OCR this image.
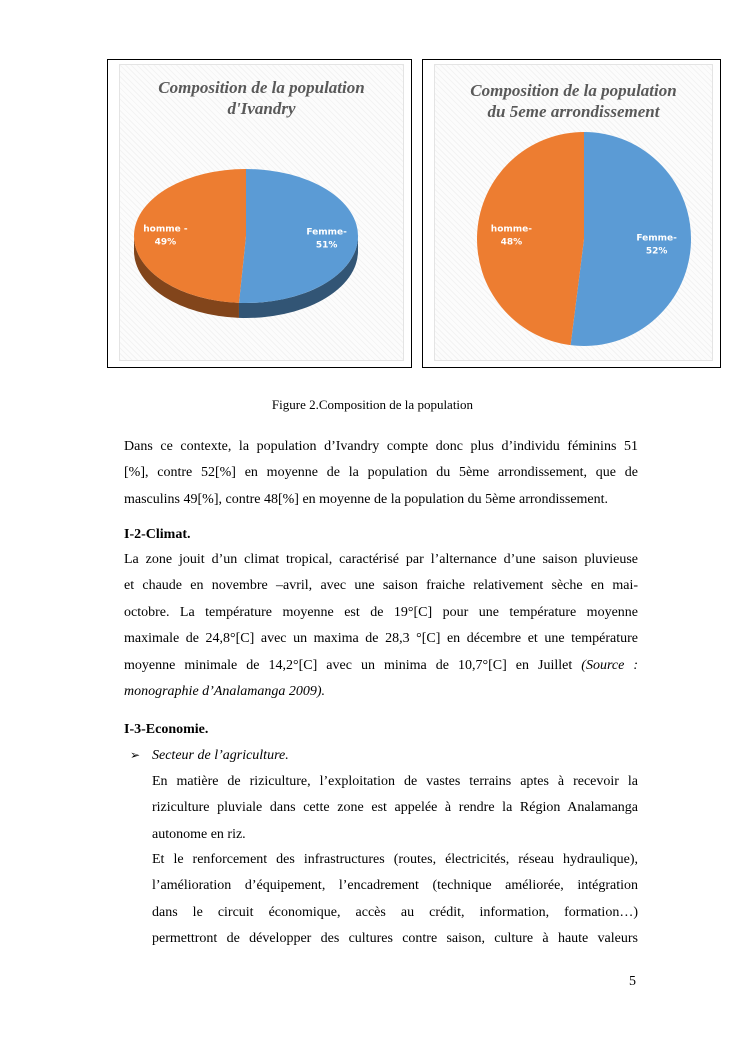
Composition de la population
d'Ivandry
Femme-
51%
homme -
49%
Composition de la population
du 5eme arrondissement
Femme-
52%
homme-
48%
Figure 2.Composition de la population
Dans ce contexte, la population d’Ivandry compte donc plus d’individu féminins 51
[%], contre 52[%] en moyenne de la population du 5ème arrondissement, que de
masculins 49[%], contre 48[%] en moyenne de la population du 5ème arrondissement.
I-2-Climat.
La zone jouit d’un climat tropical, caractérisé par l’alternance d’une saison pluvieuse
et chaude en novembre –avril, avec une saison fraiche relativement sèche en mai-
octobre. La température moyenne est de 19°[C] pour une température moyenne
maximale de 24,8°[C] avec un maxima de 28,3 °[C] en décembre et une température
moyenne minimale de 14,2°[C] avec un minima de 10,7°[C] en Juillet (Source :
monographie d’Analamanga 2009).
I-3-Economie.
➢ Secteur de l’agriculture.
En matière de riziculture, l’exploitation de vastes terrains aptes à recevoir la
riziculture pluviale dans cette zone est appelée à rendre la Région Analamanga
autonome en riz.
Et le renforcement des infrastructures (routes, électricités, réseau hydraulique),
l’amélioration d’équipement, l’encadrement (technique améliorée, intégration
dans le circuit économique, accès au crédit, information, formation…)
permettront de développer des cultures contre saison, culture à haute valeurs
5
